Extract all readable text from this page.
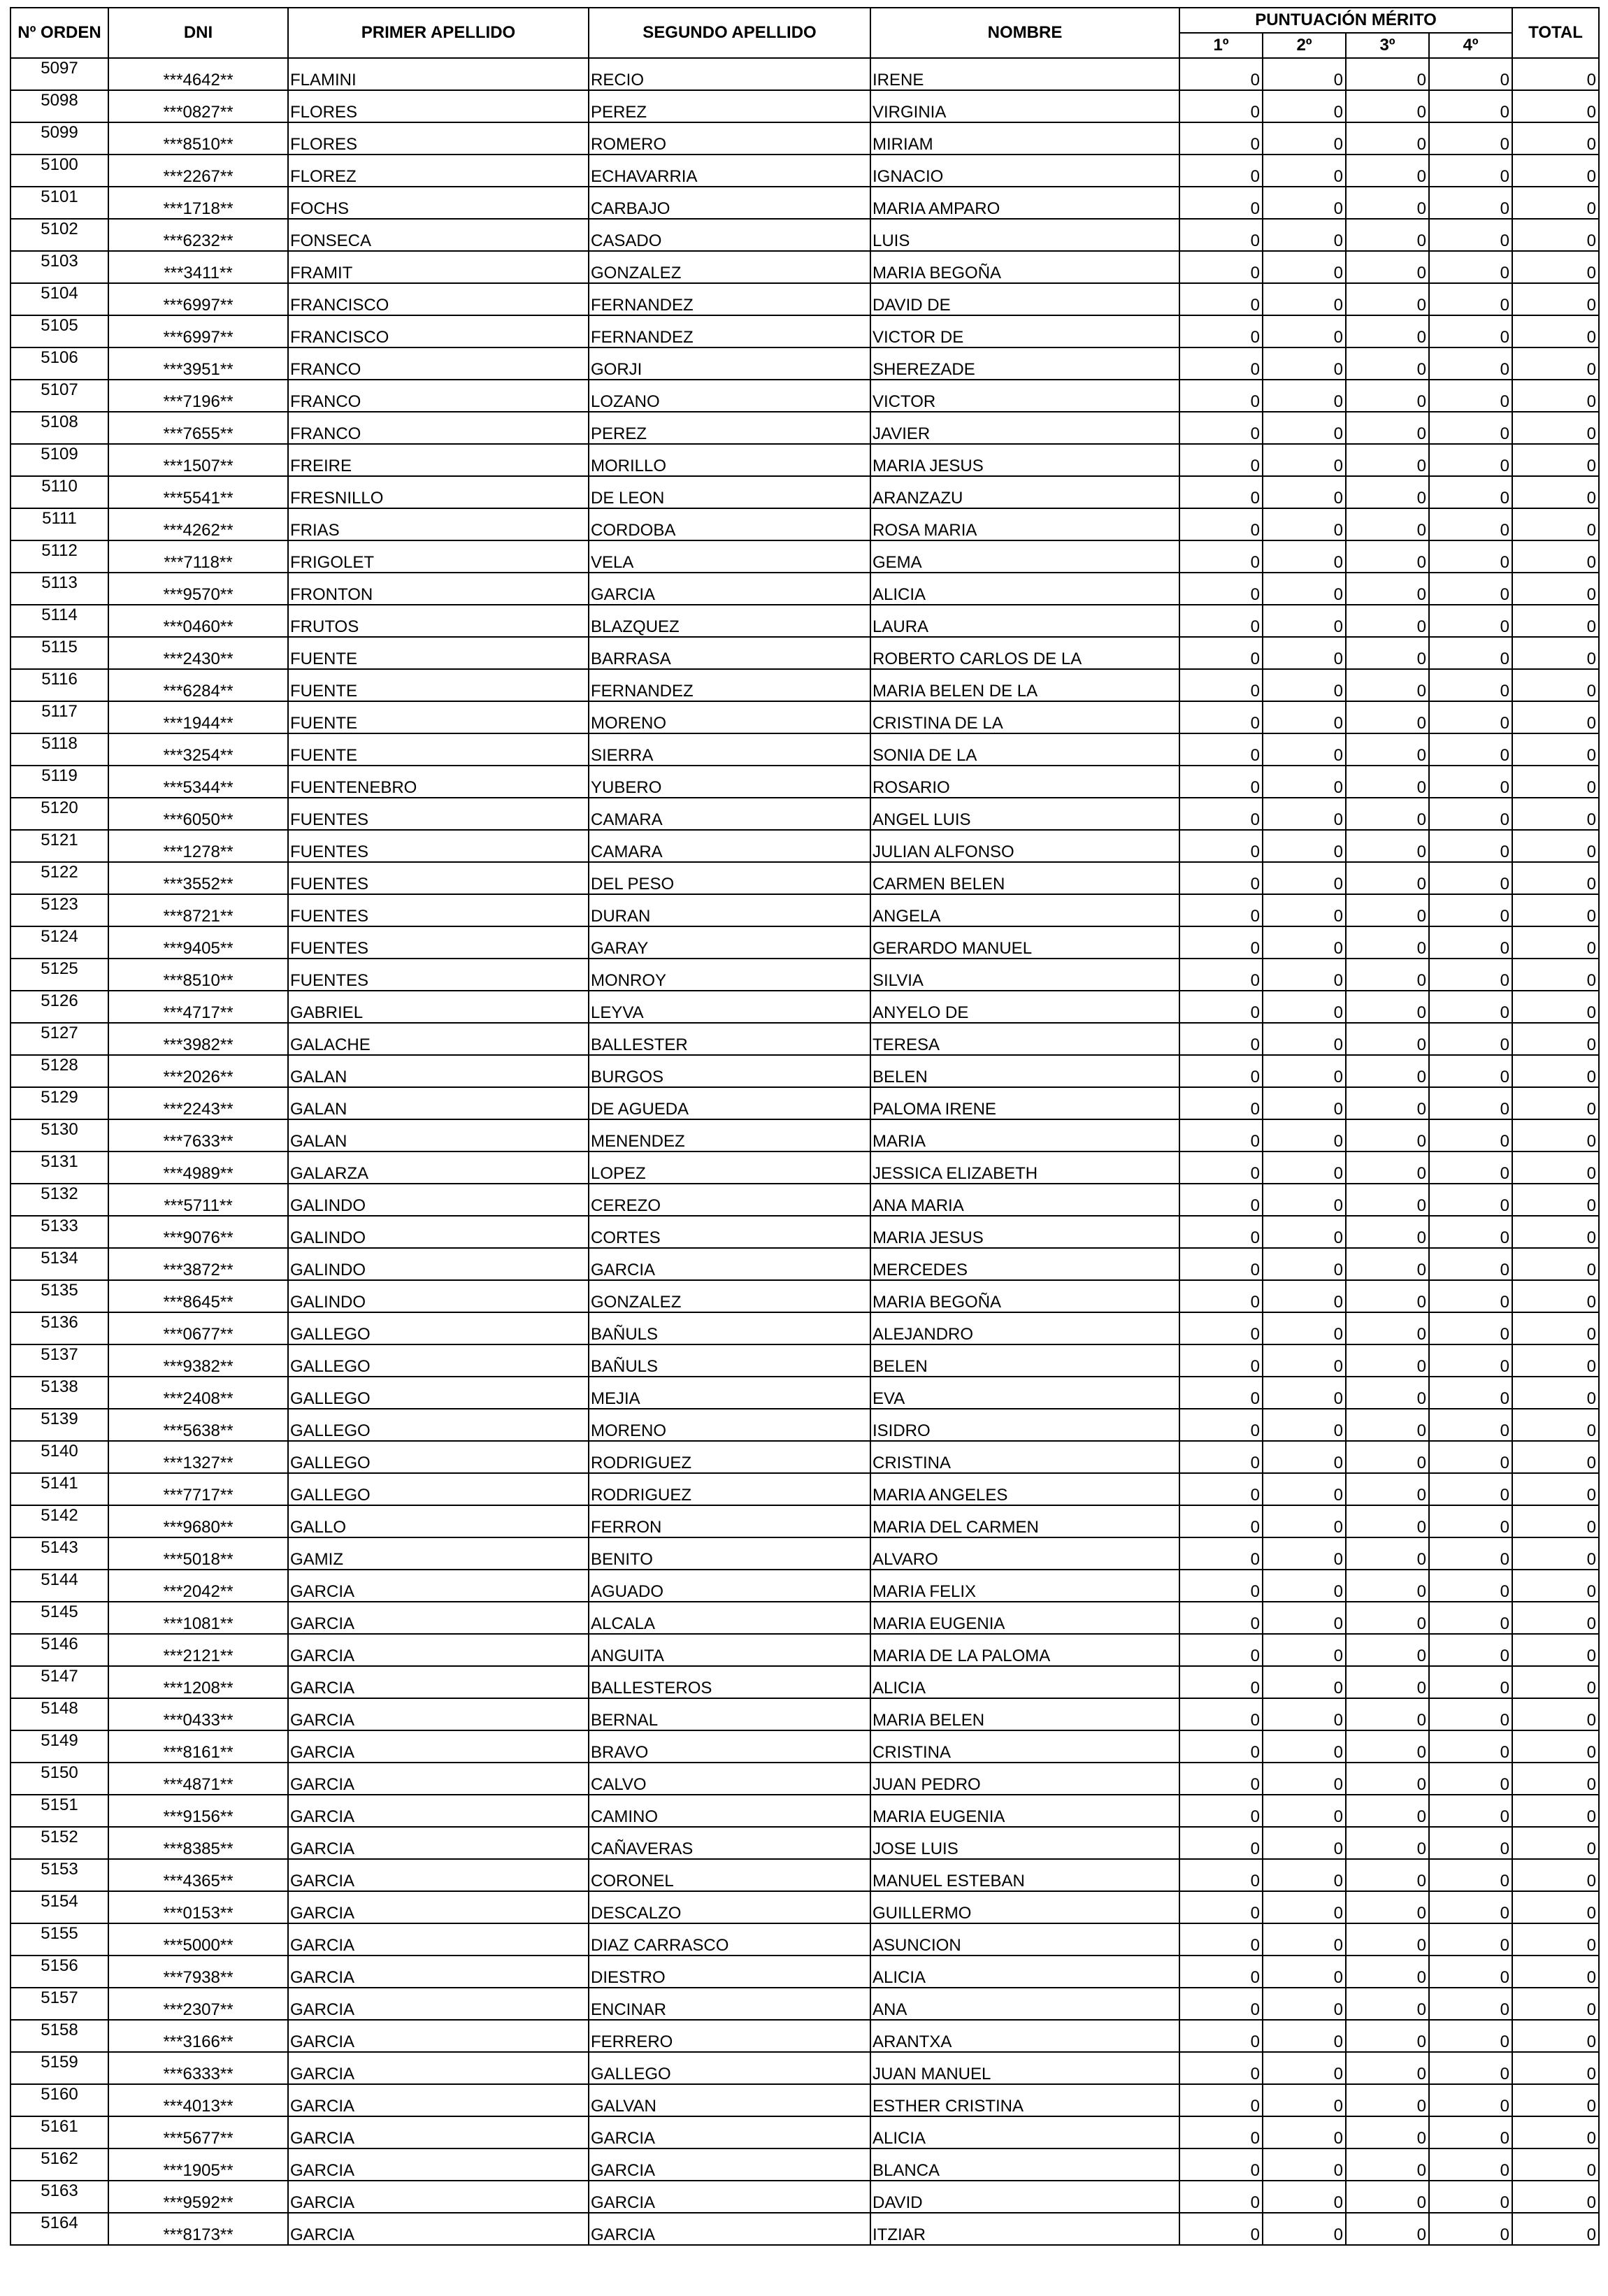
Nº ORDEN	DNI	PRIMER APELLIDO	SEGUNDO APELLIDO	NOMBRE	PUNTUACIÓN MÉRITO				TOTAL
					1º	2º	3º	4º	
5097	***4642**	FLAMINI	RECIO	IRENE	0	0	0	0	0
5098	***0827**	FLORES	PEREZ	VIRGINIA	0	0	0	0	0
5099	***8510**	FLORES	ROMERO	MIRIAM	0	0	0	0	0
5100	***2267**	FLOREZ	ECHAVARRIA	IGNACIO	0	0	0	0	0
5101	***1718**	FOCHS	CARBAJO	MARIA AMPARO	0	0	0	0	0
5102	***6232**	FONSECA	CASADO	LUIS	0	0	0	0	0
5103	***3411**	FRAMIT	GONZALEZ	MARIA BEGOÑA	0	0	0	0	0
5104	***6997**	FRANCISCO	FERNANDEZ	DAVID DE	0	0	0	0	0
5105	***6997**	FRANCISCO	FERNANDEZ	VICTOR DE	0	0	0	0	0
5106	***3951**	FRANCO	GORJI	SHEREZADE	0	0	0	0	0
5107	***7196**	FRANCO	LOZANO	VICTOR	0	0	0	0	0
5108	***7655**	FRANCO	PEREZ	JAVIER	0	0	0	0	0
5109	***1507**	FREIRE	MORILLO	MARIA JESUS	0	0	0	0	0
5110	***5541**	FRESNILLO	DE LEON	ARANZAZU	0	0	0	0	0
5111	***4262**	FRIAS	CORDOBA	ROSA MARIA	0	0	0	0	0
5112	***7118**	FRIGOLET	VELA	GEMA	0	0	0	0	0
5113	***9570**	FRONTON	GARCIA	ALICIA	0	0	0	0	0
5114	***0460**	FRUTOS	BLAZQUEZ	LAURA	0	0	0	0	0
5115	***2430**	FUENTE	BARRASA	ROBERTO CARLOS DE LA	0	0	0	0	0
5116	***6284**	FUENTE	FERNANDEZ	MARIA BELEN DE LA	0	0	0	0	0
5117	***1944**	FUENTE	MORENO	CRISTINA DE LA	0	0	0	0	0
5118	***3254**	FUENTE	SIERRA	SONIA DE LA	0	0	0	0	0
5119	***5344**	FUENTENEBRO	YUBERO	ROSARIO	0	0	0	0	0
5120	***6050**	FUENTES	CAMARA	ANGEL LUIS	0	0	0	0	0
5121	***1278**	FUENTES	CAMARA	JULIAN ALFONSO	0	0	0	0	0
5122	***3552**	FUENTES	DEL PESO	CARMEN BELEN	0	0	0	0	0
5123	***8721**	FUENTES	DURAN	ANGELA	0	0	0	0	0
5124	***9405**	FUENTES	GARAY	GERARDO MANUEL	0	0	0	0	0
5125	***8510**	FUENTES	MONROY	SILVIA	0	0	0	0	0
5126	***4717**	GABRIEL	LEYVA	ANYELO DE	0	0	0	0	0
5127	***3982**	GALACHE	BALLESTER	TERESA	0	0	0	0	0
5128	***2026**	GALAN	BURGOS	BELEN	0	0	0	0	0
5129	***2243**	GALAN	DE AGUEDA	PALOMA IRENE	0	0	0	0	0
5130	***7633**	GALAN	MENENDEZ	MARIA	0	0	0	0	0
5131	***4989**	GALARZA	LOPEZ	JESSICA ELIZABETH	0	0	0	0	0
5132	***5711**	GALINDO	CEREZO	ANA MARIA	0	0	0	0	0
5133	***9076**	GALINDO	CORTES	MARIA JESUS	0	0	0	0	0
5134	***3872**	GALINDO	GARCIA	MERCEDES	0	0	0	0	0
5135	***8645**	GALINDO	GONZALEZ	MARIA BEGOÑA	0	0	0	0	0
5136	***0677**	GALLEGO	BAÑULS	ALEJANDRO	0	0	0	0	0
5137	***9382**	GALLEGO	BAÑULS	BELEN	0	0	0	0	0
5138	***2408**	GALLEGO	MEJIA	EVA	0	0	0	0	0
5139	***5638**	GALLEGO	MORENO	ISIDRO	0	0	0	0	0
5140	***1327**	GALLEGO	RODRIGUEZ	CRISTINA	0	0	0	0	0
5141	***7717**	GALLEGO	RODRIGUEZ	MARIA ANGELES	0	0	0	0	0
5142	***9680**	GALLO	FERRON	MARIA DEL CARMEN	0	0	0	0	0
5143	***5018**	GAMIZ	BENITO	ALVARO	0	0	0	0	0
5144	***2042**	GARCIA	AGUADO	MARIA FELIX	0	0	0	0	0
5145	***1081**	GARCIA	ALCALA	MARIA EUGENIA	0	0	0	0	0
5146	***2121**	GARCIA	ANGUITA	MARIA DE LA PALOMA	0	0	0	0	0
5147	***1208**	GARCIA	BALLESTEROS	ALICIA	0	0	0	0	0
5148	***0433**	GARCIA	BERNAL	MARIA BELEN	0	0	0	0	0
5149	***8161**	GARCIA	BRAVO	CRISTINA	0	0	0	0	0
5150	***4871**	GARCIA	CALVO	JUAN PEDRO	0	0	0	0	0
5151	***9156**	GARCIA	CAMINO	MARIA EUGENIA	0	0	0	0	0
5152	***8385**	GARCIA	CAÑAVERAS	JOSE LUIS	0	0	0	0	0
5153	***4365**	GARCIA	CORONEL	MANUEL ESTEBAN	0	0	0	0	0
5154	***0153**	GARCIA	DESCALZO	GUILLERMO	0	0	0	0	0
5155	***5000**	GARCIA	DIAZ CARRASCO	ASUNCION	0	0	0	0	0
5156	***7938**	GARCIA	DIESTRO	ALICIA	0	0	0	0	0
5157	***2307**	GARCIA	ENCINAR	ANA	0	0	0	0	0
5158	***3166**	GARCIA	FERRERO	ARANTXA	0	0	0	0	0
5159	***6333**	GARCIA	GALLEGO	JUAN MANUEL	0	0	0	0	0
5160	***4013**	GARCIA	GALVAN	ESTHER CRISTINA	0	0	0	0	0
5161	***5677**	GARCIA	GARCIA	ALICIA	0	0	0	0	0
5162	***1905**	GARCIA	GARCIA	BLANCA	0	0	0	0	0
5163	***9592**	GARCIA	GARCIA	DAVID	0	0	0	0	0
5164	***8173**	GARCIA	GARCIA	ITZIAR	0	0	0	0	0
